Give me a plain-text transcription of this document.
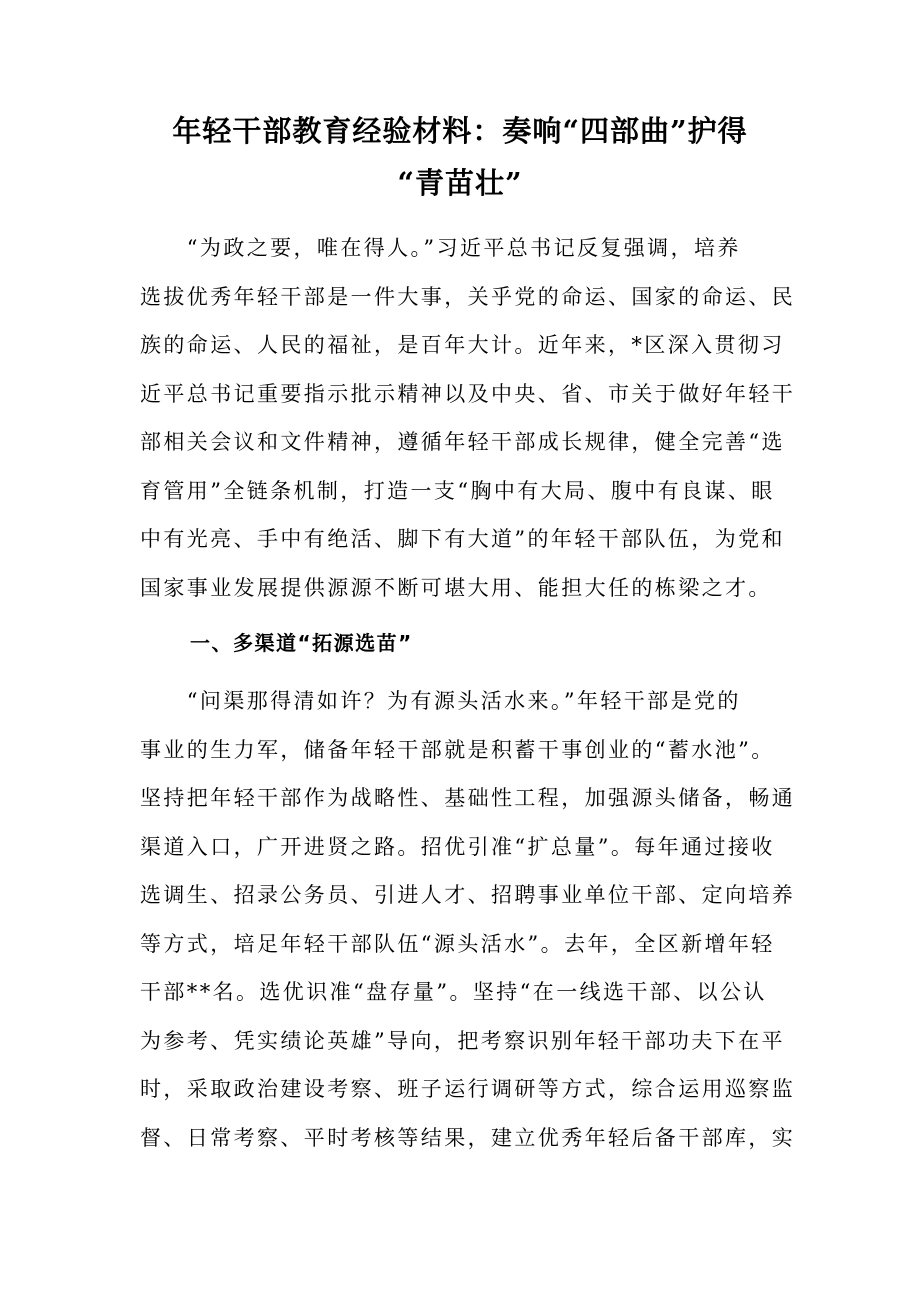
年轻干部教育经验材料：奏响“四部曲”护得
“青苗壮”
　　“为政之要，唯在得人。”习近平总书记反复强调，培养
选拔优秀年轻干部是一件大事，关乎党的命运、国家的命运、民
族的命运、人民的福祉，是百年大计。近年来，*区深入贯彻习
近平总书记重要指示批示精神以及中央、省、市关于做好年轻干
部相关会议和文件精神，遵循年轻干部成长规律，健全完善“选
育管用”全链条机制，打造一支“胸中有大局、腹中有良谋、眼
中有光亮、手中有绝活、脚下有大道”的年轻干部队伍，为党和
国家事业发展提供源源不断可堪大用、能担大任的栋梁之才。
一、多渠道“拓源选苗”
　　“问渠那得清如许？为有源头活水来。”年轻干部是党的
事业的生力军，储备年轻干部就是积蓄干事创业的“蓄水池”。
坚持把年轻干部作为战略性、基础性工程，加强源头储备，畅通
渠道入口，广开进贤之路。招优引准“扩总量”。每年通过接收
选调生、招录公务员、引进人才、招聘事业单位干部、定向培养
等方式，培足年轻干部队伍“源头活水”。去年，全区新增年轻
干部**名。选优识准“盘存量”。坚持“在一线选干部、以公认
为参考、凭实绩论英雄”导向，把考察识别年轻干部功夫下在平
时，采取政治建设考察、班子运行调研等方式，综合运用巡察监
督、日常考察、平时考核等结果，建立优秀年轻后备干部库，实
